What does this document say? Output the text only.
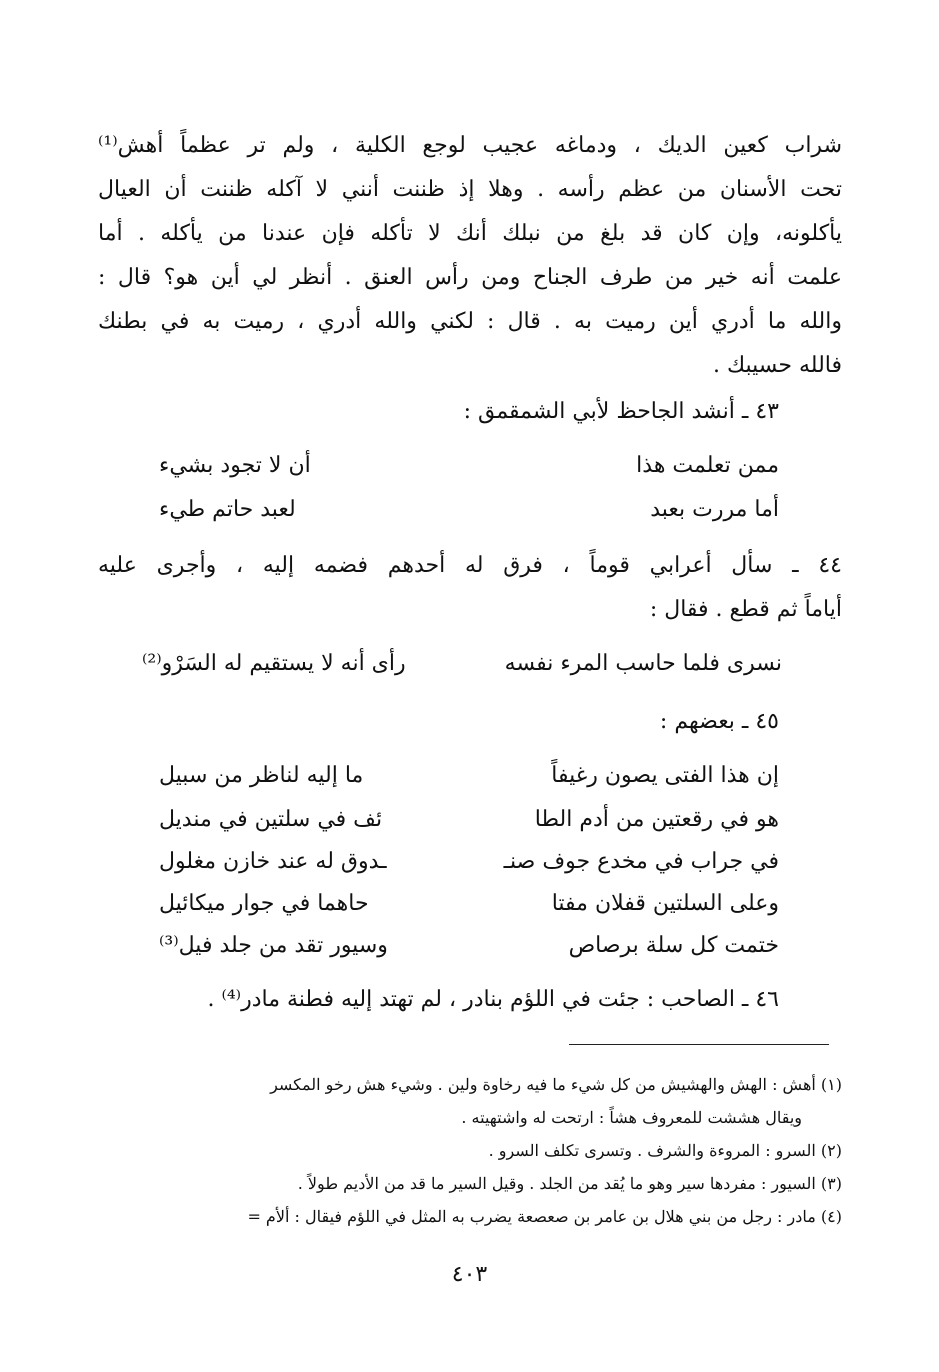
شراب كعين الديك ، ودماغه عجيب لوجع الكلية ، ولم تر عظماً أهش⁽¹⁾
تحت الأسنان من عظم رأسه . وهلا إذ ظننت أنني لا آكله ظننت أن العيال
يأكلونه، وإن كان قد بلغ من نبلك أنك لا تأكله فإن عندنا من يأكله . أما
علمت أنه خير من طرف الجناح ومن رأس العنق . أنظر لي أين هو؟ قال :
والله ما أدري أين رميت به . قال : لكني والله أدري ، رميت به في بطنك
فالله حسيبك .
٤٣ ـ أنشد الجاحظ لأبي الشمقمق :
ممن تعلمت هذا
أن لا تجود بشيء
أما مررت بعبد
لعبد حاتم طيء
٤٤ ـ سأل أعرابي قوماً ، فرق له أحدهم فضمه إليه ، وأجرى عليه
أياماً ثم قطع . فقال :
نسرى فلما حاسب المرء نفسه
رأى أنه لا يستقيم له السَرْو⁽²⁾
٤٥ ـ بعضهم :
إن هذا الفتى يصون رغيفاً
ما إليه لناظر من سبيل
هو في رقعتين من أدم الطا
ئف في سلتين في منديل
في جراب في مخدع جوف صنـ
ـدوق له عند خازن مغلول
وعلى السلتين قفلان مفتا
حاهما في جوار ميكائيل
ختمت كل سلة برصاص
وسيور تقد من جلد فيل⁽³⁾
٤٦ ـ الصاحب : جئت في اللؤم بنادر ، لم تهتد إليه فطنة مادر⁽⁴⁾ .
(١) أهش : الهش والهشيش من كل شيء ما فيه رخاوة ولين . وشيء هش رخو المكسر
ويقال هششت للمعروف هشاً : ارتحت له واشتهيته .
(٢) السرو : المروءة والشرف . وتسرى تكلف السرو .
(٣) السيور : مفردها سير وهو ما يُقد من الجلد . وقيل السير ما قد من الأديم طولاً .
(٤) مادر : رجل من بني هلال بن عامر بن صعصعة يضرب به المثل في اللؤم فيقال : ألأم =
٤٠٣
